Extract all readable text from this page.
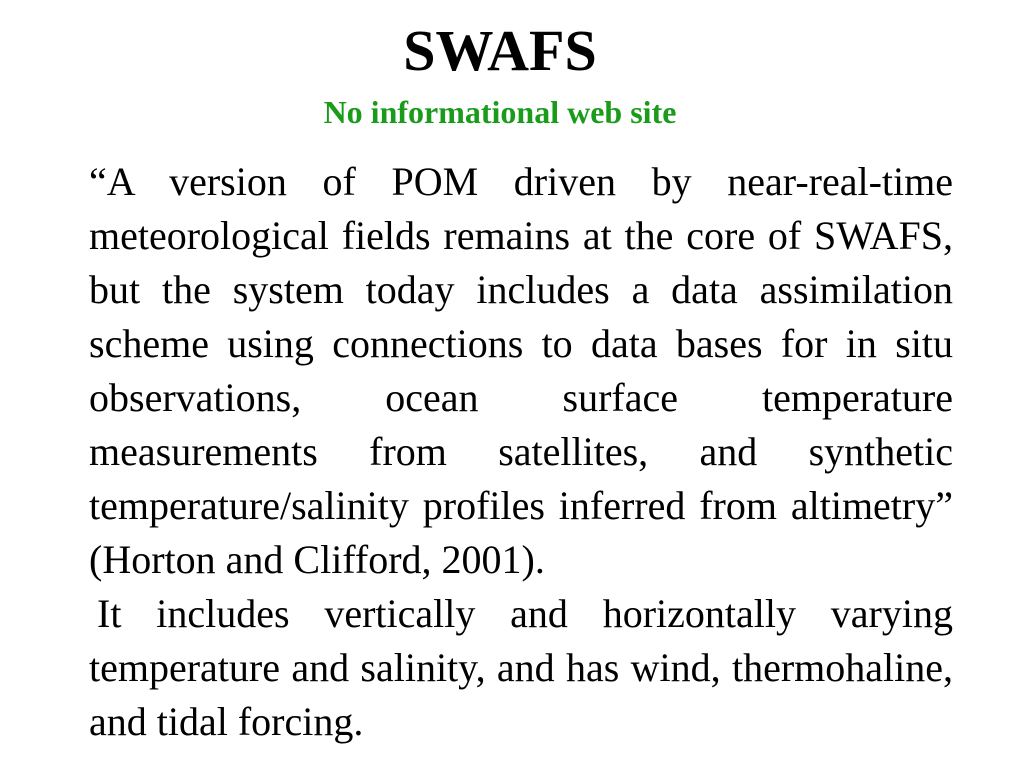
SWAFS
No informational web site

“A version of POM driven by near-real-time meteorological fields remains at the core of SWAFS, but the system today includes a data assimilation scheme using connections to data bases for in situ observations, ocean surface temperature measurements from satellites, and synthetic temperature/salinity profiles inferred from altimetry” (Horton and Clifford, 2001).

It includes vertically and horizontally varying temperature and salinity, and has wind, thermohaline, and tidal forcing.
